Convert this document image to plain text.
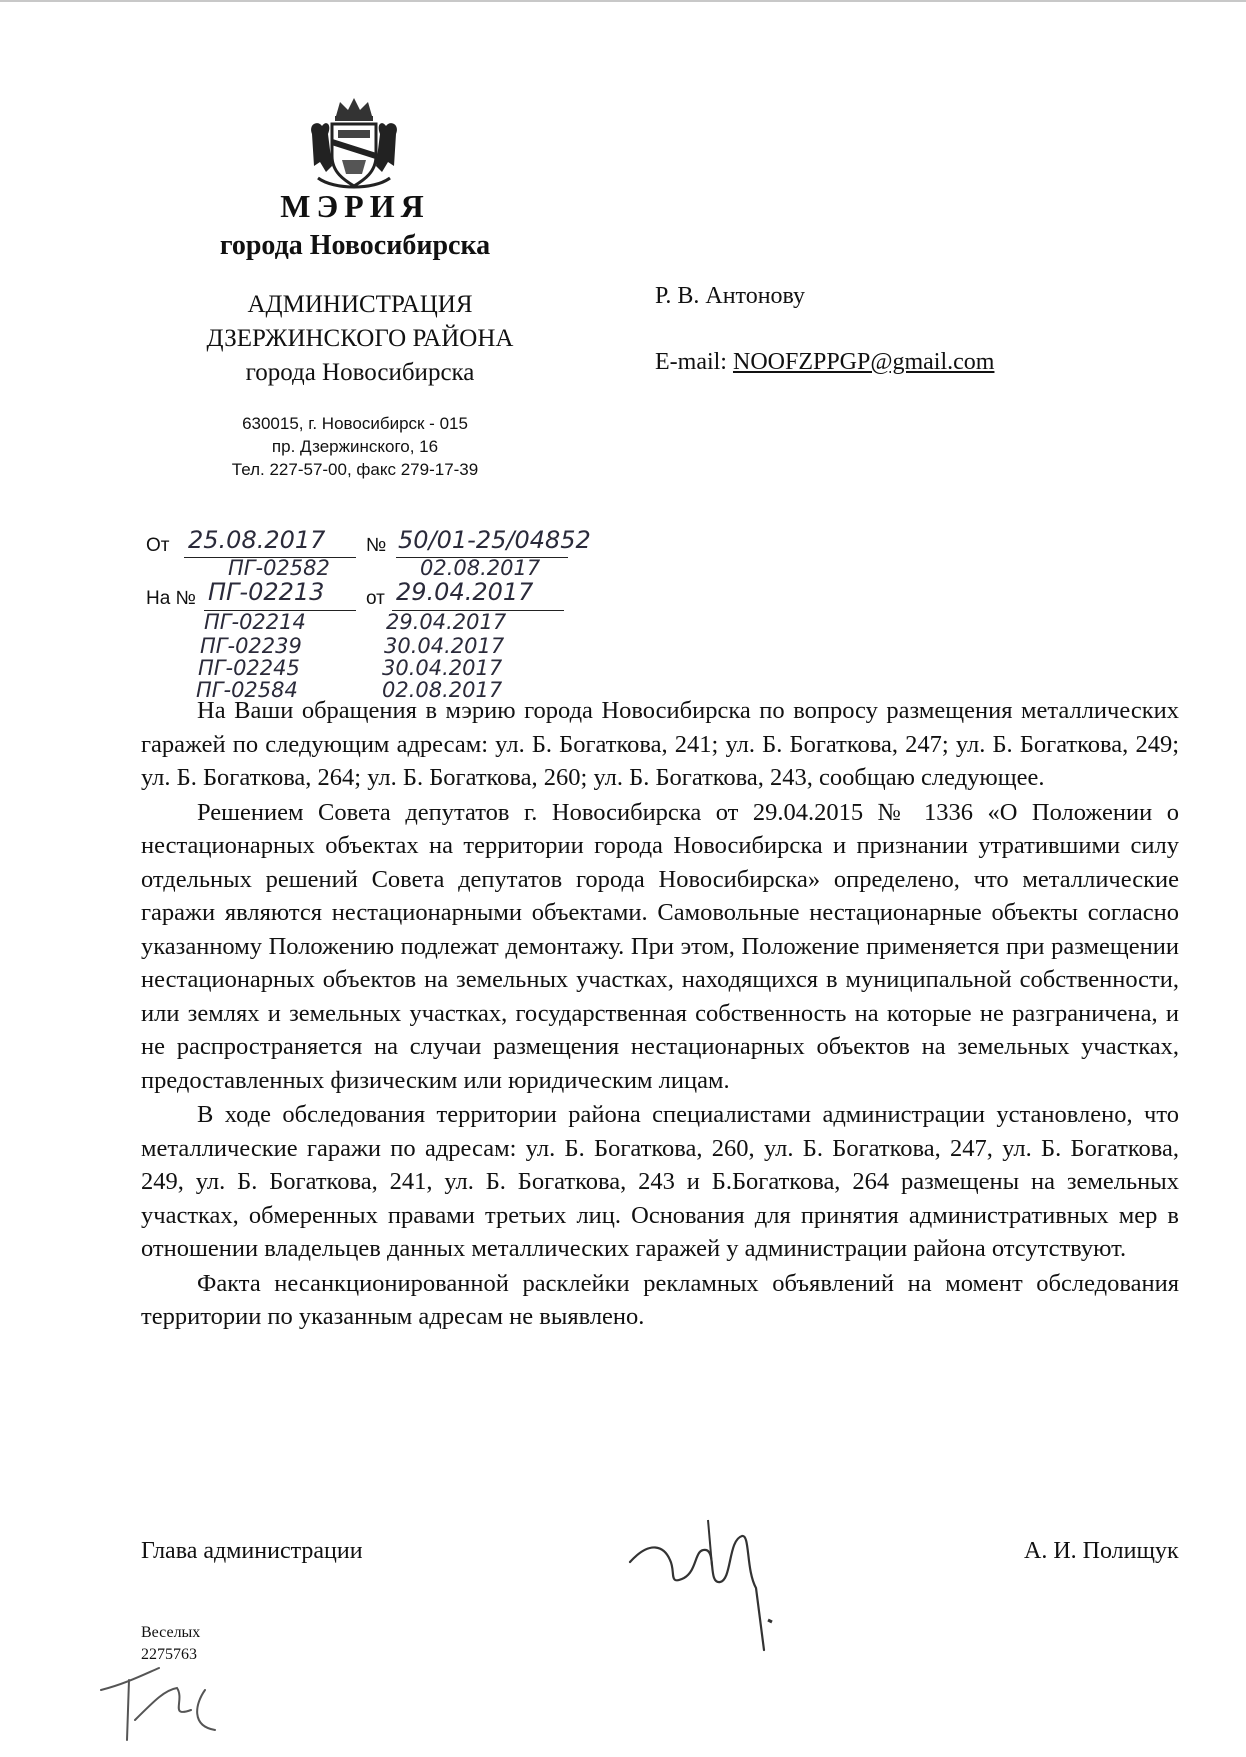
МЭРИЯ
города Новосибирска
АДМИНИСТРАЦИЯ
ДЗЕРЖИНСКОГО РАЙОНА
города Новосибирска
630015, г. Новосибирск - 015
пр. Дзержинского, 16
Тел. 227-57-00, факс 279-17-39
Р. В. Антонову
E-mail: NOOFZPPGP@gmail.com
От 25.08.2017 № 50/01-25/04852
ПГ-02582	02.08.2017
На № ПГ-02213 от 29.04.2017
ПГ-02214	29.04.2017
ПГ-02239	30.04.2017
ПГ-02245	30.04.2017
ПГ-02584	02.08.2017

На Ваши обращения в мэрию города Новосибирска по вопросу размещения металлических гаражей по следующим адресам: ул. Б. Богаткова, 241; ул. Б. Богаткова, 247; ул. Б. Богаткова, 249; ул. Б. Богаткова, 264; ул. Б. Богаткова, 260; ул. Б. Богаткова, 243, сообщаю следующее.

Решением Совета депутатов г. Новосибирска от 29.04.2015 № 1336 «О Положении о нестационарных объектах на территории города Новосибирска и признании утратившими силу отдельных решений Совета депутатов города Новосибирска» определено, что металлические гаражи являются нестационарными объектами. Самовольные нестационарные объекты согласно указанному Положению подлежат демонтажу. При этом, Положение применяется при размещении нестационарных объектов на земельных участках, находящихся в муниципальной собственности, или землях и земельных участках, государственная собственность на которые не разграничена, и не распространяется на случаи размещения нестационарных объектов на земельных участках, предоставленных физическим или юридическим лицам.

В ходе обследования территории района специалистами администрации установлено, что металлические гаражи по адресам: ул. Б. Богаткова, 260, ул. Б. Богаткова, 247, ул. Б. Богаткова, 249, ул. Б. Богаткова, 241, ул. Б. Богаткова, 243 и Б.Богаткова, 264 размещены на земельных участках, обмеренных правами третьих лиц. Основания для принятия административных мер в отношении владельцев данных металлических гаражей у администрации района отсутствуют.

Факта несанкционированной расклейки рекламных объявлений на момент обследования территории по указанным адресам не выявлено.

Глава администрации	А. И. Полищук
Веселых
2275763
